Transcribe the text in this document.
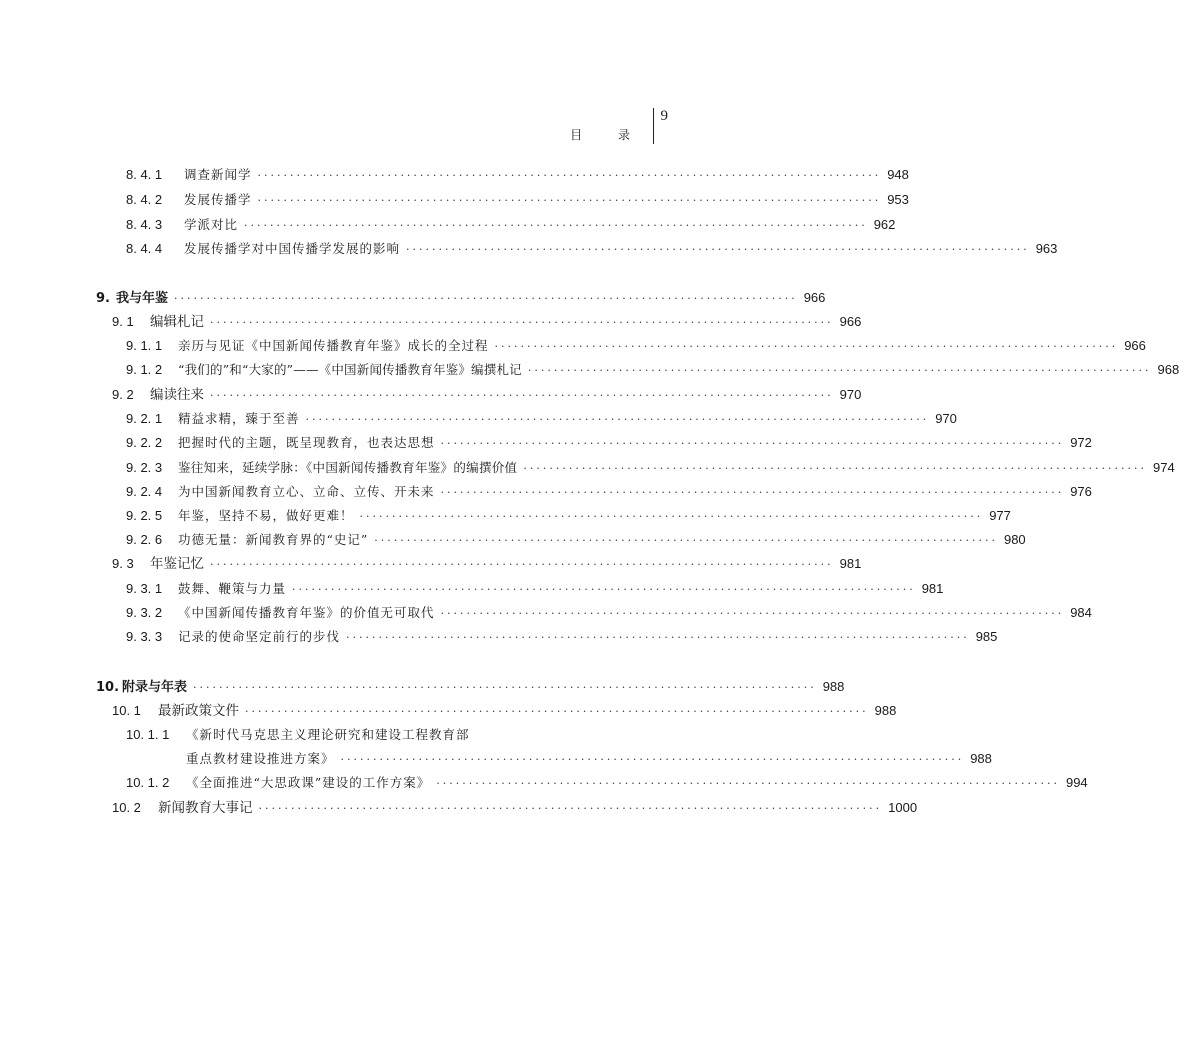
目 录
9
8. 4. 1	调查新闻学 ································································································ 948
8. 4. 2	发展传播学 ································································································ 953
8. 4. 3	学派对比 ································································································ 962
8. 4. 4	发展传播学对中国传播学发展的影响 ································································································ 963
9. 我与年鉴 ································································································ 966
9. 1	编辑札记 ································································································ 966
9. 1. 1	亲历与见证《中国新闻传播教育年鉴》成长的全过程 ································································································ 966
9. 1. 2	“我们的”和“大家的”——《中国新闻传播教育年鉴》编撰札记 ································································································ 968
9. 2	编读往来 ································································································ 970
9. 2. 1	精益求精，臻于至善 ································································································ 970
9. 2. 2	把握时代的主题，既呈现教育，也表达思想 ································································································ 972
9. 2. 3	鉴往知来，延续学脉：《中国新闻传播教育年鉴》的编撰价值 ································································································ 974
9. 2. 4	为中国新闻教育立心、立命、立传、开未来 ································································································ 976
9. 2. 5	年鉴，坚持不易，做好更难！ ································································································ 977
9. 2. 6	功德无量：新闻教育界的“史记” ································································································ 980
9. 3	年鉴记忆 ································································································ 981
9. 3. 1	鼓舞、鞭策与力量 ································································································ 981
9. 3. 2	《中国新闻传播教育年鉴》的价值无可取代 ································································································ 984
9. 3. 3	记录的使命坚定前行的步伐 ································································································ 985
10. 附录与年表 ································································································ 988
10. 1	最新政策文件 ································································································ 988
10. 1. 1	《新时代马克思主义理论研究和建设工程教育部
重点教材建设推进方案》 ································································································ 988
10. 1. 2	《全面推进“大思政课”建设的工作方案》 ································································································ 994
10. 2	新闻教育大事记 ································································································ 1000
